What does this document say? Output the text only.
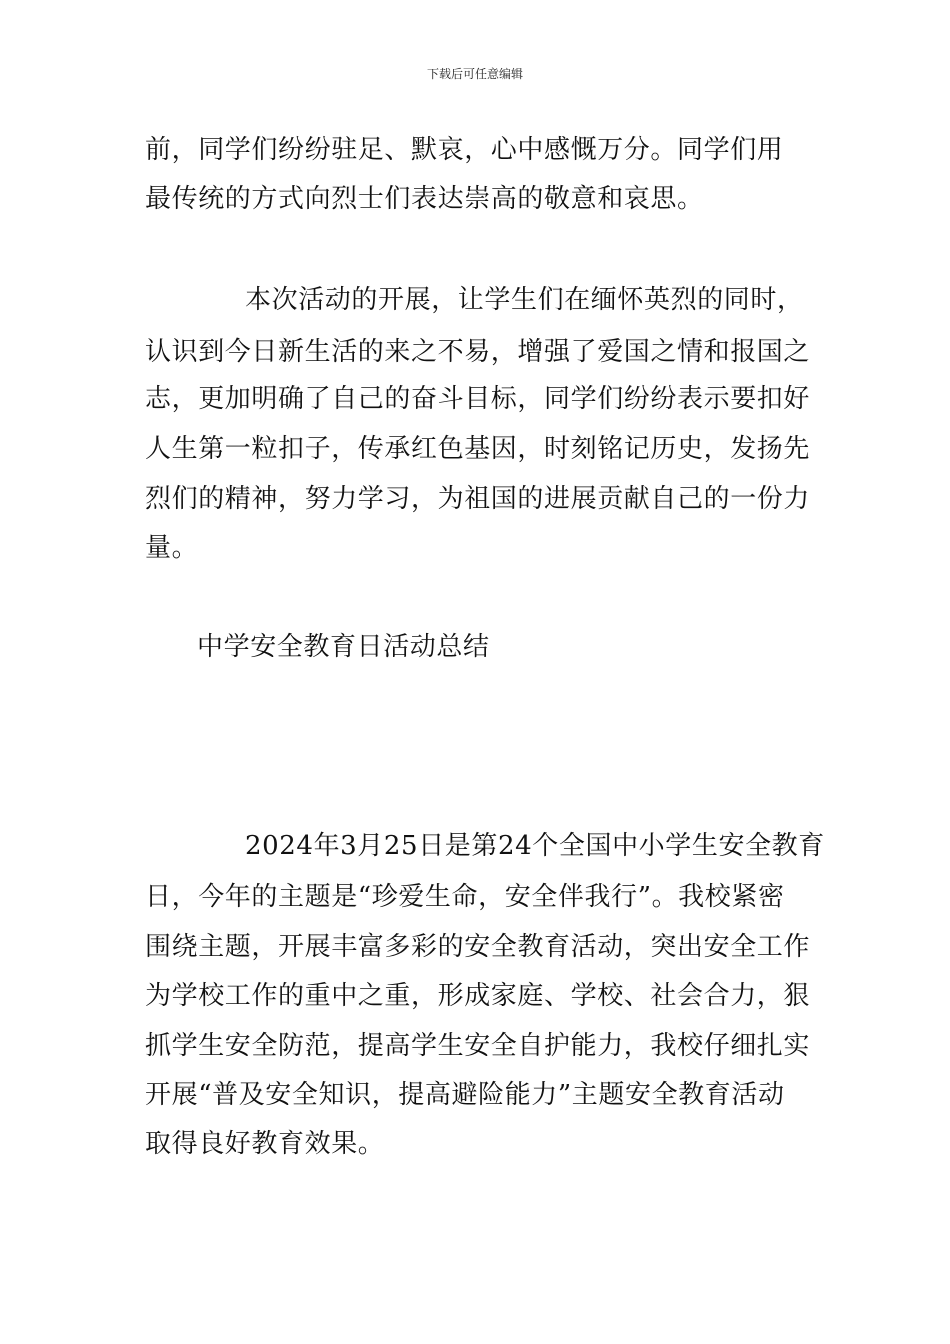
下载后可任意编辑
前，同学们纷纷驻足、默哀，心中感慨万分。同学们用
最传统的方式向烈士们表达崇高的敬意和哀思。
本次活动的开展，让学生们在缅怀英烈的同时，
认识到今日新生活的来之不易，增强了爱国之情和报国之
志，更加明确了自己的奋斗目标，同学们纷纷表示要扣好
人生第一粒扣子，传承红色基因，时刻铭记历史，发扬先
烈们的精神，努力学习，为祖国的进展贡献自己的一份力
量。
中学安全教育日活动总结
2024年3月25日是第24个全国中小学生安全教育
日，今年的主题是“珍爱生命，安全伴我行”。我校紧密
围绕主题，开展丰富多彩的安全教育活动，突出安全工作
为学校工作的重中之重，形成家庭、学校、社会合力，狠
抓学生安全防范，提高学生安全自护能力，我校仔细扎实
开展“普及安全知识，提高避险能力”主题安全教育活动
取得良好教育效果。
